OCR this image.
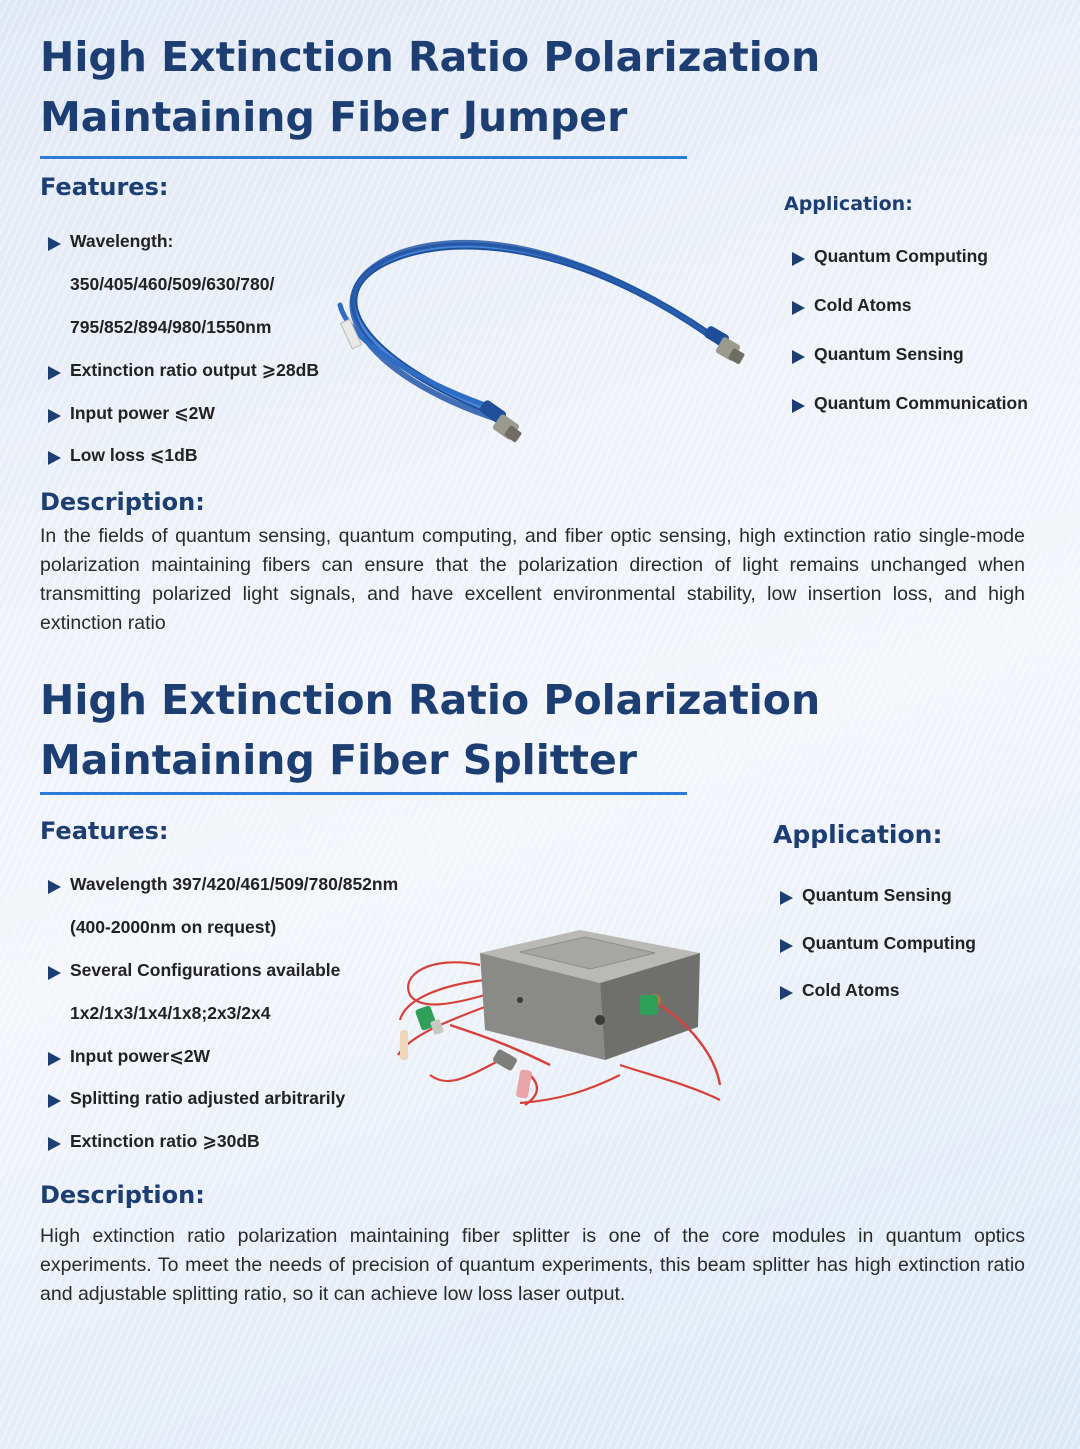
High Extinction Ratio Polarization
Maintaining Fiber Jumper
Features:
Wavelength:
350/405/460/509/630/780/
795/852/894/980/1550nm
Extinction ratio output ⩾28dB
Input power ⩽2W
Low loss ⩽1dB
Application:
Quantum Computing
Cold Atoms
Quantum Sensing
Quantum Communication
Description:

In the fields of quantum sensing, quantum computing, and fiber optic sensing, high extinction ratio single-mode polarization maintaining fibers can ensure that the polarization direction of light remains unchanged when transmitting polarized light signals, and have excellent environmental stability, low insertion loss, and high extinction ratio

High Extinction Ratio Polarization
Maintaining Fiber Splitter
Features:
Wavelength 397/420/461/509/780/852nm
(400-2000nm on request)
Several Configurations available
1x2/1x3/1x4/1x8;2x3/2x4
Input power⩽2W
Splitting ratio adjusted arbitrarily
Extinction ratio ⩾30dB
Application:
Quantum Sensing
Quantum Computing
Cold Atoms
Description:

High extinction ratio polarization maintaining fiber splitter is one of the core modules in quantum optics experiments. To meet the needs of precision of quantum experiments, this beam splitter has high extinction ratio and adjustable splitting ratio, so it can achieve low loss laser output.
